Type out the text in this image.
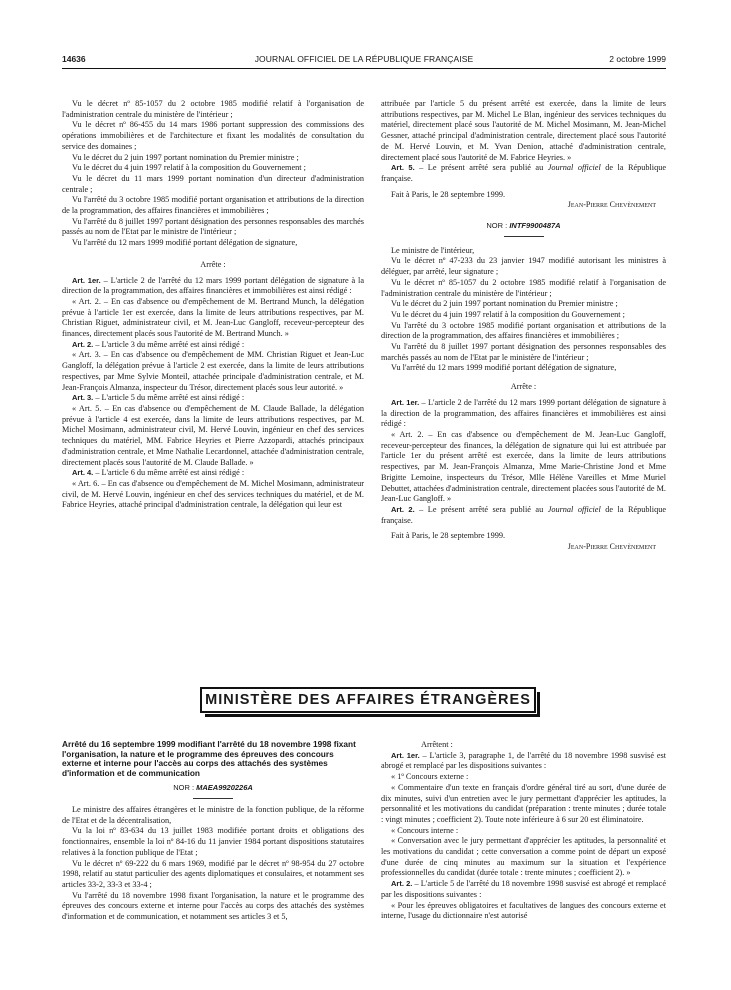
14636	JOURNAL OFFICIEL DE LA RÉPUBLIQUE FRANÇAISE	2 octobre 1999

Vu le décret nº 85-1057 du 2 octobre 1985 modifié relatif à l'organisation de l'administration centrale du ministère de l'intérieur ;

Vu le décret nº 86-455 du 14 mars 1986 portant suppression des commissions des opérations immobilières et de l'architecture et fixant les modalités de consultation du service des domaines ;

Vu le décret du 2 juin 1997 portant nomination du Premier ministre ;

Vu le décret du 4 juin 1997 relatif à la composition du Gouvernement ;

Vu le décret du 11 mars 1999 portant nomination d'un directeur d'administration centrale ;

Vu l'arrêté du 3 octobre 1985 modifié portant organisation et attributions de la direction de la programmation, des affaires financières et immobilières ;

Vu l'arrêté du 8 juillet 1997 portant désignation des personnes responsables des marchés passés au nom de l'Etat par le ministre de l'intérieur ;

Vu l'arrêté du 12 mars 1999 modifié portant délégation de signature,

Arrête :

Art. 1er. – L'article 2 de l'arrêté du 12 mars 1999 portant délégation de signature à la direction de la programmation, des affaires financières et immobilières est ainsi rédigé :

« Art. 2. – En cas d'absence ou d'empêchement de M. Bertrand Munch, la délégation prévue à l'article 1er est exercée, dans la limite de leurs attributions respectives, par M. Christian Riguet, administrateur civil, et M. Jean-Luc Gangloff, receveur-percepteur des finances, directement placés sous l'autorité de M. Bertrand Munch. »

Art. 2. – L'article 3 du même arrêté est ainsi rédigé :

« Art. 3. – En cas d'absence ou d'empêchement de MM. Christian Riguet et Jean-Luc Gangloff, la délégation prévue à l'article 2 est exercée, dans la limite de leurs attributions respectives, par Mme Sylvie Monteil, attachée principale d'administration centrale, et M. Jean-François Almanza, inspecteur du Trésor, directement placés sous leur autorité. »

Art. 3. – L'article 5 du même arrêté est ainsi rédigé :

« Art. 5. – En cas d'absence ou d'empêchement de M. Claude Ballade, la délégation prévue à l'article 4 est exercée, dans la limite de leurs attributions respectives, par M. Michel Mosimann, administrateur civil, M. Hervé Louvin, ingénieur en chef des services techniques du matériel, MM. Fabrice Heyries et Pierre Azzopardi, attachés principaux d'administration centrale, et Mme Nathalie Lecardonnel, attachée d'administration centrale, directement placés sous l'autorité de M. Claude Ballade. »

Art. 4. – L'article 6 du même arrêté est ainsi rédigé :

« Art. 6. – En cas d'absence ou d'empêchement de M. Michel Mosimann, administrateur civil, de M. Hervé Louvin, ingénieur en chef des services techniques du matériel, et de M. Fabrice Heyries, attaché principal d'administration centrale, la délégation qui leur est

attribuée par l'article 5 du présent arrêté est exercée, dans la limite de leurs attributions respectives, par M. Michel Le Blan, ingénieur des services techniques du matériel, directement placé sous l'autorité de M. Michel Mosimann, M. Jean-Michel Gessner, attaché principal d'administration centrale, directement placé sous l'autorité de M. Hervé Louvin, et M. Yvan Denion, attaché d'administration centrale, directement placé sous l'autorité de M. Fabrice Heyries. »

Art. 5. – Le présent arrêté sera publié au Journal officiel de la République française.

Fait à Paris, le 28 septembre 1999.

Jean-Pierre Chevènement

NOR : INTF9900487A

Le ministre de l'intérieur,

Vu le décret nº 47-233 du 23 janvier 1947 modifié autorisant les ministres à déléguer, par arrêté, leur signature ;

Vu le décret nº 85-1057 du 2 octobre 1985 modifié relatif à l'organisation de l'administration centrale du ministère de l'intérieur ;

Vu le décret du 2 juin 1997 portant nomination du Premier ministre ;

Vu le décret du 4 juin 1997 relatif à la composition du Gouvernement ;

Vu l'arrêté du 3 octobre 1985 modifié portant organisation et attributions de la direction de la programmation, des affaires financières et immobilières ;

Vu l'arrêté du 8 juillet 1997 portant désignation des personnes responsables des marchés passés au nom de l'Etat par le ministère de l'intérieur ;

Vu l'arrêté du 12 mars 1999 modifié portant délégation de signature,

Arrête :

Art. 1er. – L'article 2 de l'arrêté du 12 mars 1999 portant délégation de signature à la direction de la programmation, des affaires financières et immobilières est ainsi rédigé :

« Art. 2. – En cas d'absence ou d'empêchement de M. Jean-Luc Gangloff, receveur-percepteur des finances, la délégation de signature qui lui est attribuée par l'article 1er du présent arrêté est exercée, dans la limite de leurs attributions respectives, par M. Jean-François Almanza, Mme Marie-Christine Jond et Mme Brigitte Lemoine, inspecteurs du Trésor, Mlle Hélène Vareilles et Mme Muriel Debuttet, attachées d'administration centrale, directement placées sous l'autorité de M. Jean-Luc Gangloff. »

Art. 2. – Le présent arrêté sera publié au Journal officiel de la République française.

Fait à Paris, le 28 septembre 1999.

Jean-Pierre Chevènement

MINISTÈRE DES AFFAIRES ÉTRANGÈRES

Arrêté du 16 septembre 1999 modifiant l'arrêté du 18 novembre 1998 fixant l'organisation, la nature et le programme des épreuves des concours externe et interne pour l'accès au corps des attachés des systèmes d'information et de communication

NOR : MAEA9920226A

Le ministre des affaires étrangères et le ministre de la fonction publique, de la réforme de l'Etat et de la décentralisation,

Vu la loi nº 83-634 du 13 juillet 1983 modifiée portant droits et obligations des fonctionnaires, ensemble la loi nº 84-16 du 11 janvier 1984 portant dispositions statutaires relatives à la fonction publique de l'Etat ;

Vu le décret nº 69-222 du 6 mars 1969, modifié par le décret nº 98-954 du 27 octobre 1998, relatif au statut particulier des agents diplomatiques et consulaires, et notamment ses articles 33-2, 33-3 et 33-4 ;

Vu l'arrêté du 18 novembre 1998 fixant l'organisation, la nature et le programme des épreuves des concours externe et interne pour l'accès au corps des attachés des systèmes d'information et de communication, et notamment ses articles 3 et 5,

Arrêtent :

Art. 1er. – L'article 3, paragraphe 1, de l'arrêté du 18 novembre 1998 susvisé est abrogé et remplacé par les dispositions suivantes :

« 1º Concours externe :

« Commentaire d'un texte en français d'ordre général tiré au sort, d'une durée de dix minutes, suivi d'un entretien avec le jury permettant d'apprécier les aptitudes, la personnalité et les motivations du candidat (préparation : trente minutes ; durée totale : vingt minutes ; coefficient 2). Toute note inférieure à 6 sur 20 est éliminatoire.

« Concours interne :

« Conversation avec le jury permettant d'apprécier les aptitudes, la personnalité et les motivations du candidat ; cette conversation a comme point de départ un exposé d'une durée de cinq minutes au maximum sur la situation et l'expérience professionnelles du candidat (durée totale : trente minutes ; coefficient 2). »

Art. 2. – L'article 5 de l'arrêté du 18 novembre 1998 susvisé est abrogé et remplacé par les dispositions suivantes :

« Pour les épreuves obligatoires et facultatives de langues des concours externe et interne, l'usage du dictionnaire n'est autorisé
